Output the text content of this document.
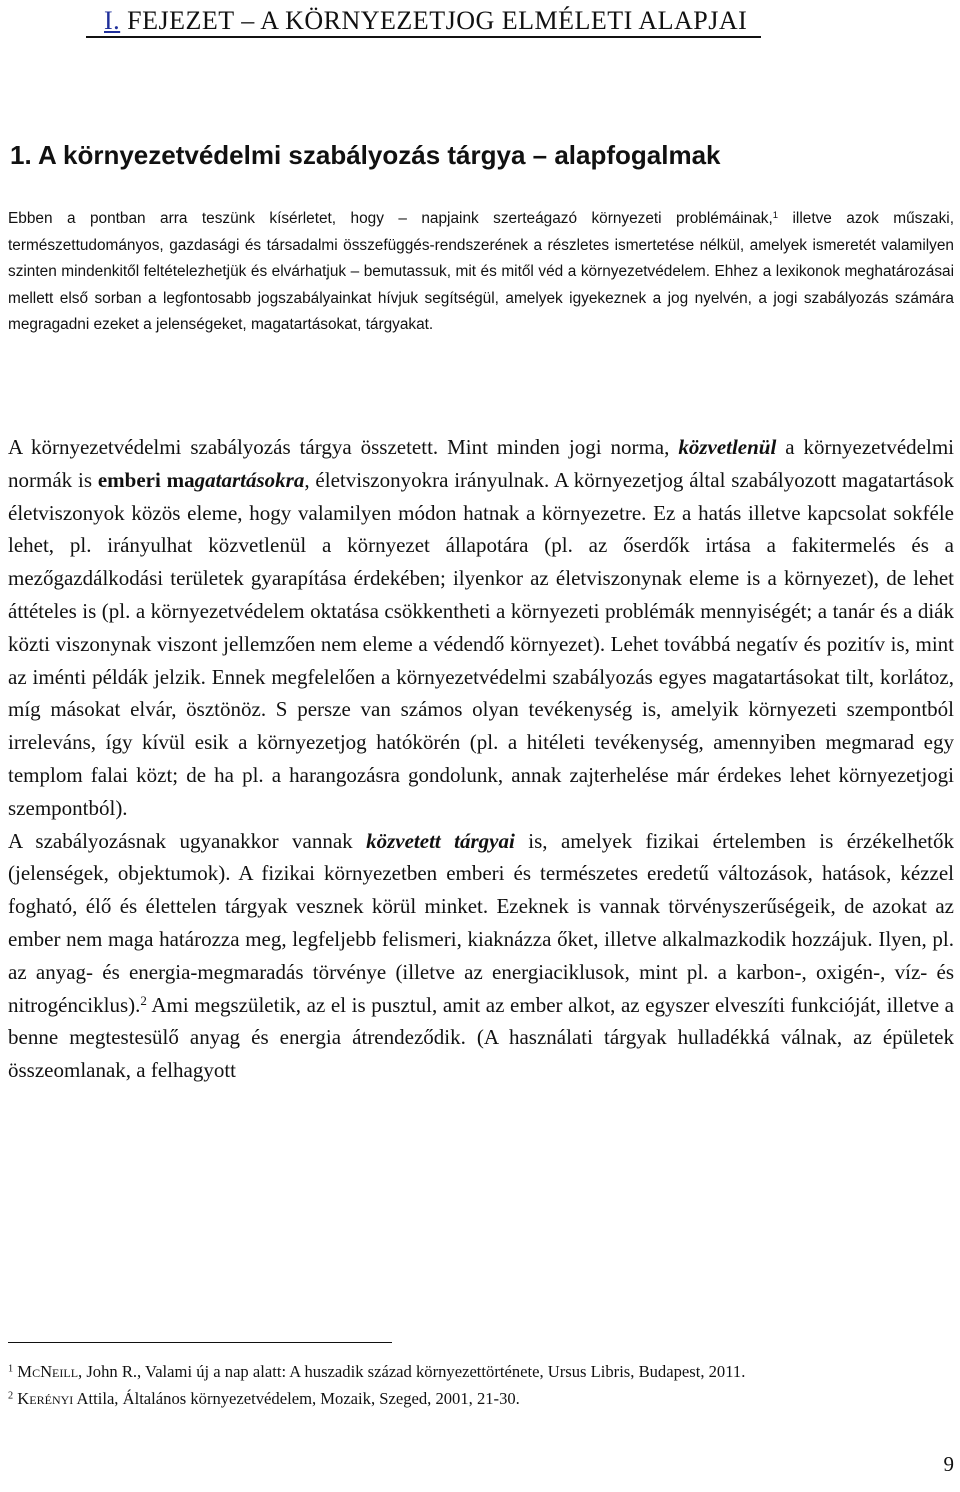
I. FEJEZET – A KÖRNYEZETJOG ELMÉLETI ALAPJAI
1. A környezetvédelmi szabályozás tárgya – alapfogalmak

Ebben a pontban arra teszünk kísérletet, hogy – napjaink szerteágazó környezeti problémáinak,$^1$ illetve azok műszaki, természettudományos, gazdasági és társadalmi összefüggés-rendszerének a részletes ismertetése nélkül, amelyek ismeretét valamilyen szinten mindenkitől feltételezhetjük és elvárhatjuk – bemutassuk, mit és mitől véd a környezetvédelem. Ehhez a lexikonok meghatározásai mellett első sorban a legfontosabb jogszabályainkat hívjuk segítségül, amelyek igyekeznek a jog nyelvén, a jogi szabályozás számára megragadni ezeket a jelenségeket, magatartásokat, tárgyakat.

A környezetvédelmi szabályozás tárgya összetett. Mint minden jogi norma, közvetlenül a környezetvédelmi normák is emberi magatartásokra, életviszonyokra irányulnak. A környezetjog által szabályozott magatartások életviszonyok közös eleme, hogy valamilyen módon hatnak a környezetre. Ez a hatás illetve kapcsolat sokféle lehet, pl. irányulhat közvetlenül a környezet állapotára (pl. az őserdők irtása a fakitermelés és a mezőgazdálkodási területek gyarapítása érdekében; ilyenkor az életviszonynak eleme is a környezet), de lehet áttételes is (pl. a környezetvédelem oktatása csökkentheti a környezeti problémák mennyiségét; a tanár és a diák közti viszonynak viszont jellemzően nem eleme a védendő környezet). Lehet továbbá negatív és pozitív is, mint az iménti példák jelzik. Ennek megfelelően a környezetvédelmi szabályozás egyes magatartásokat tilt, korlátoz, míg másokat elvár, ösztönöz. S persze van számos olyan tevékenység is, amelyik környezeti szempontból irreleváns, így kívül esik a környezetjog hatókörén (pl. a hitéleti tevékenység, amennyiben megmarad egy templom falai közt; de ha pl. a harangozásra gondolunk, annak zajterhelése már érdekes lehet környezetjogi szempontból).

A szabályozásnak ugyanakkor vannak közvetett tárgyai is, amelyek fizikai értelemben is érzékelhetők (jelenségek, objektumok). A fizikai környezetben emberi és természetes eredetű változások, hatások, kézzel fogható, élő és élettelen tárgyak vesznek körül minket. Ezeknek is vannak törvényszerűségeik, de azokat az ember nem maga határozza meg, legfeljebb felismeri, kiaknázza őket, illetve alkalmazkodik hozzájuk. Ilyen, pl. az anyag- és energia-megmaradás törvénye (illetve az energiaciklusok, mint pl. a karbon-, oxigén-, víz- és nitrogénciklus).$^2$ Ami megszületik, az el is pusztul, amit az ember alkot, az egyszer elveszíti funkcióját, illetve a benne megtestesülő anyag és energia átrendeződik. (A használati tárgyak hulladékká válnak, az épületek összeomlanak, a felhagyott

$^1$ McNeill, John R., Valami új a nap alatt: A huszadik század környezettörténete, Ursus Libris, Budapest, 2011.

$^2$ Kerényi Attila, Általános környezetvédelem, Mozaik, Szeged, 2001, 21-30.

9
